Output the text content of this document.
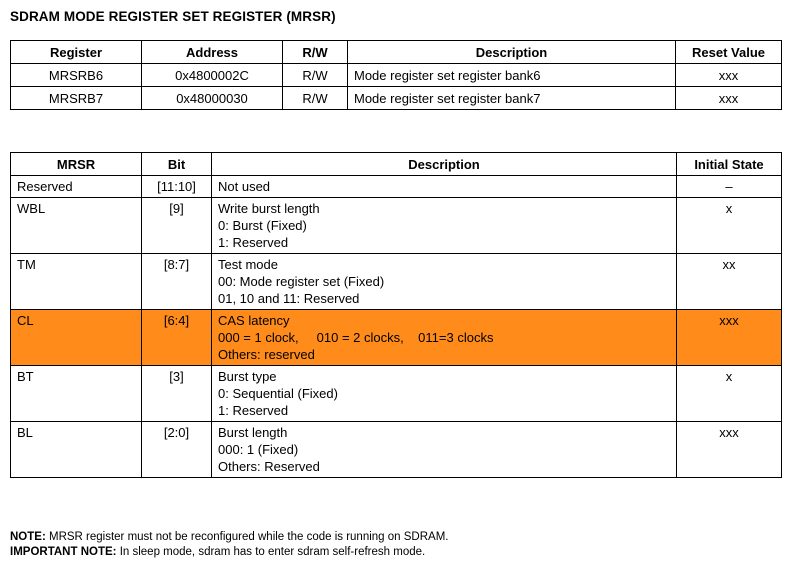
SDRAM MODE REGISTER SET REGISTER (MRSR)
Register	Address	R/W	Description	Reset Value
MRSRB6	0x4800002C	R/W	Mode register set register bank6	xxx
MRSRB7	0x48000030	R/W	Mode register set register bank7	xxx
MRSR	Bit	Description	Initial State
Reserved	[11:10]	Not used	–
WBL	[9]	Write burst length
0: Burst (Fixed)
1: Reserved	x
TM	[8:7]	Test mode
00: Mode register set (Fixed)
01, 10 and 11: Reserved	xx
CL	[6:4]	CAS latency
000 = 1 clock,     010 = 2 clocks,    011=3 clocks
Others: reserved	xxx
BT	[3]	Burst type
0: Sequential (Fixed)
1: Reserved	x
BL	[2:0]	Burst length
000: 1 (Fixed)
Others: Reserved	xxx
NOTE: MRSR register must not be reconfigured while the code is running on SDRAM.
IMPORTANT NOTE: In sleep mode, sdram has to enter sdram self-refresh mode.
